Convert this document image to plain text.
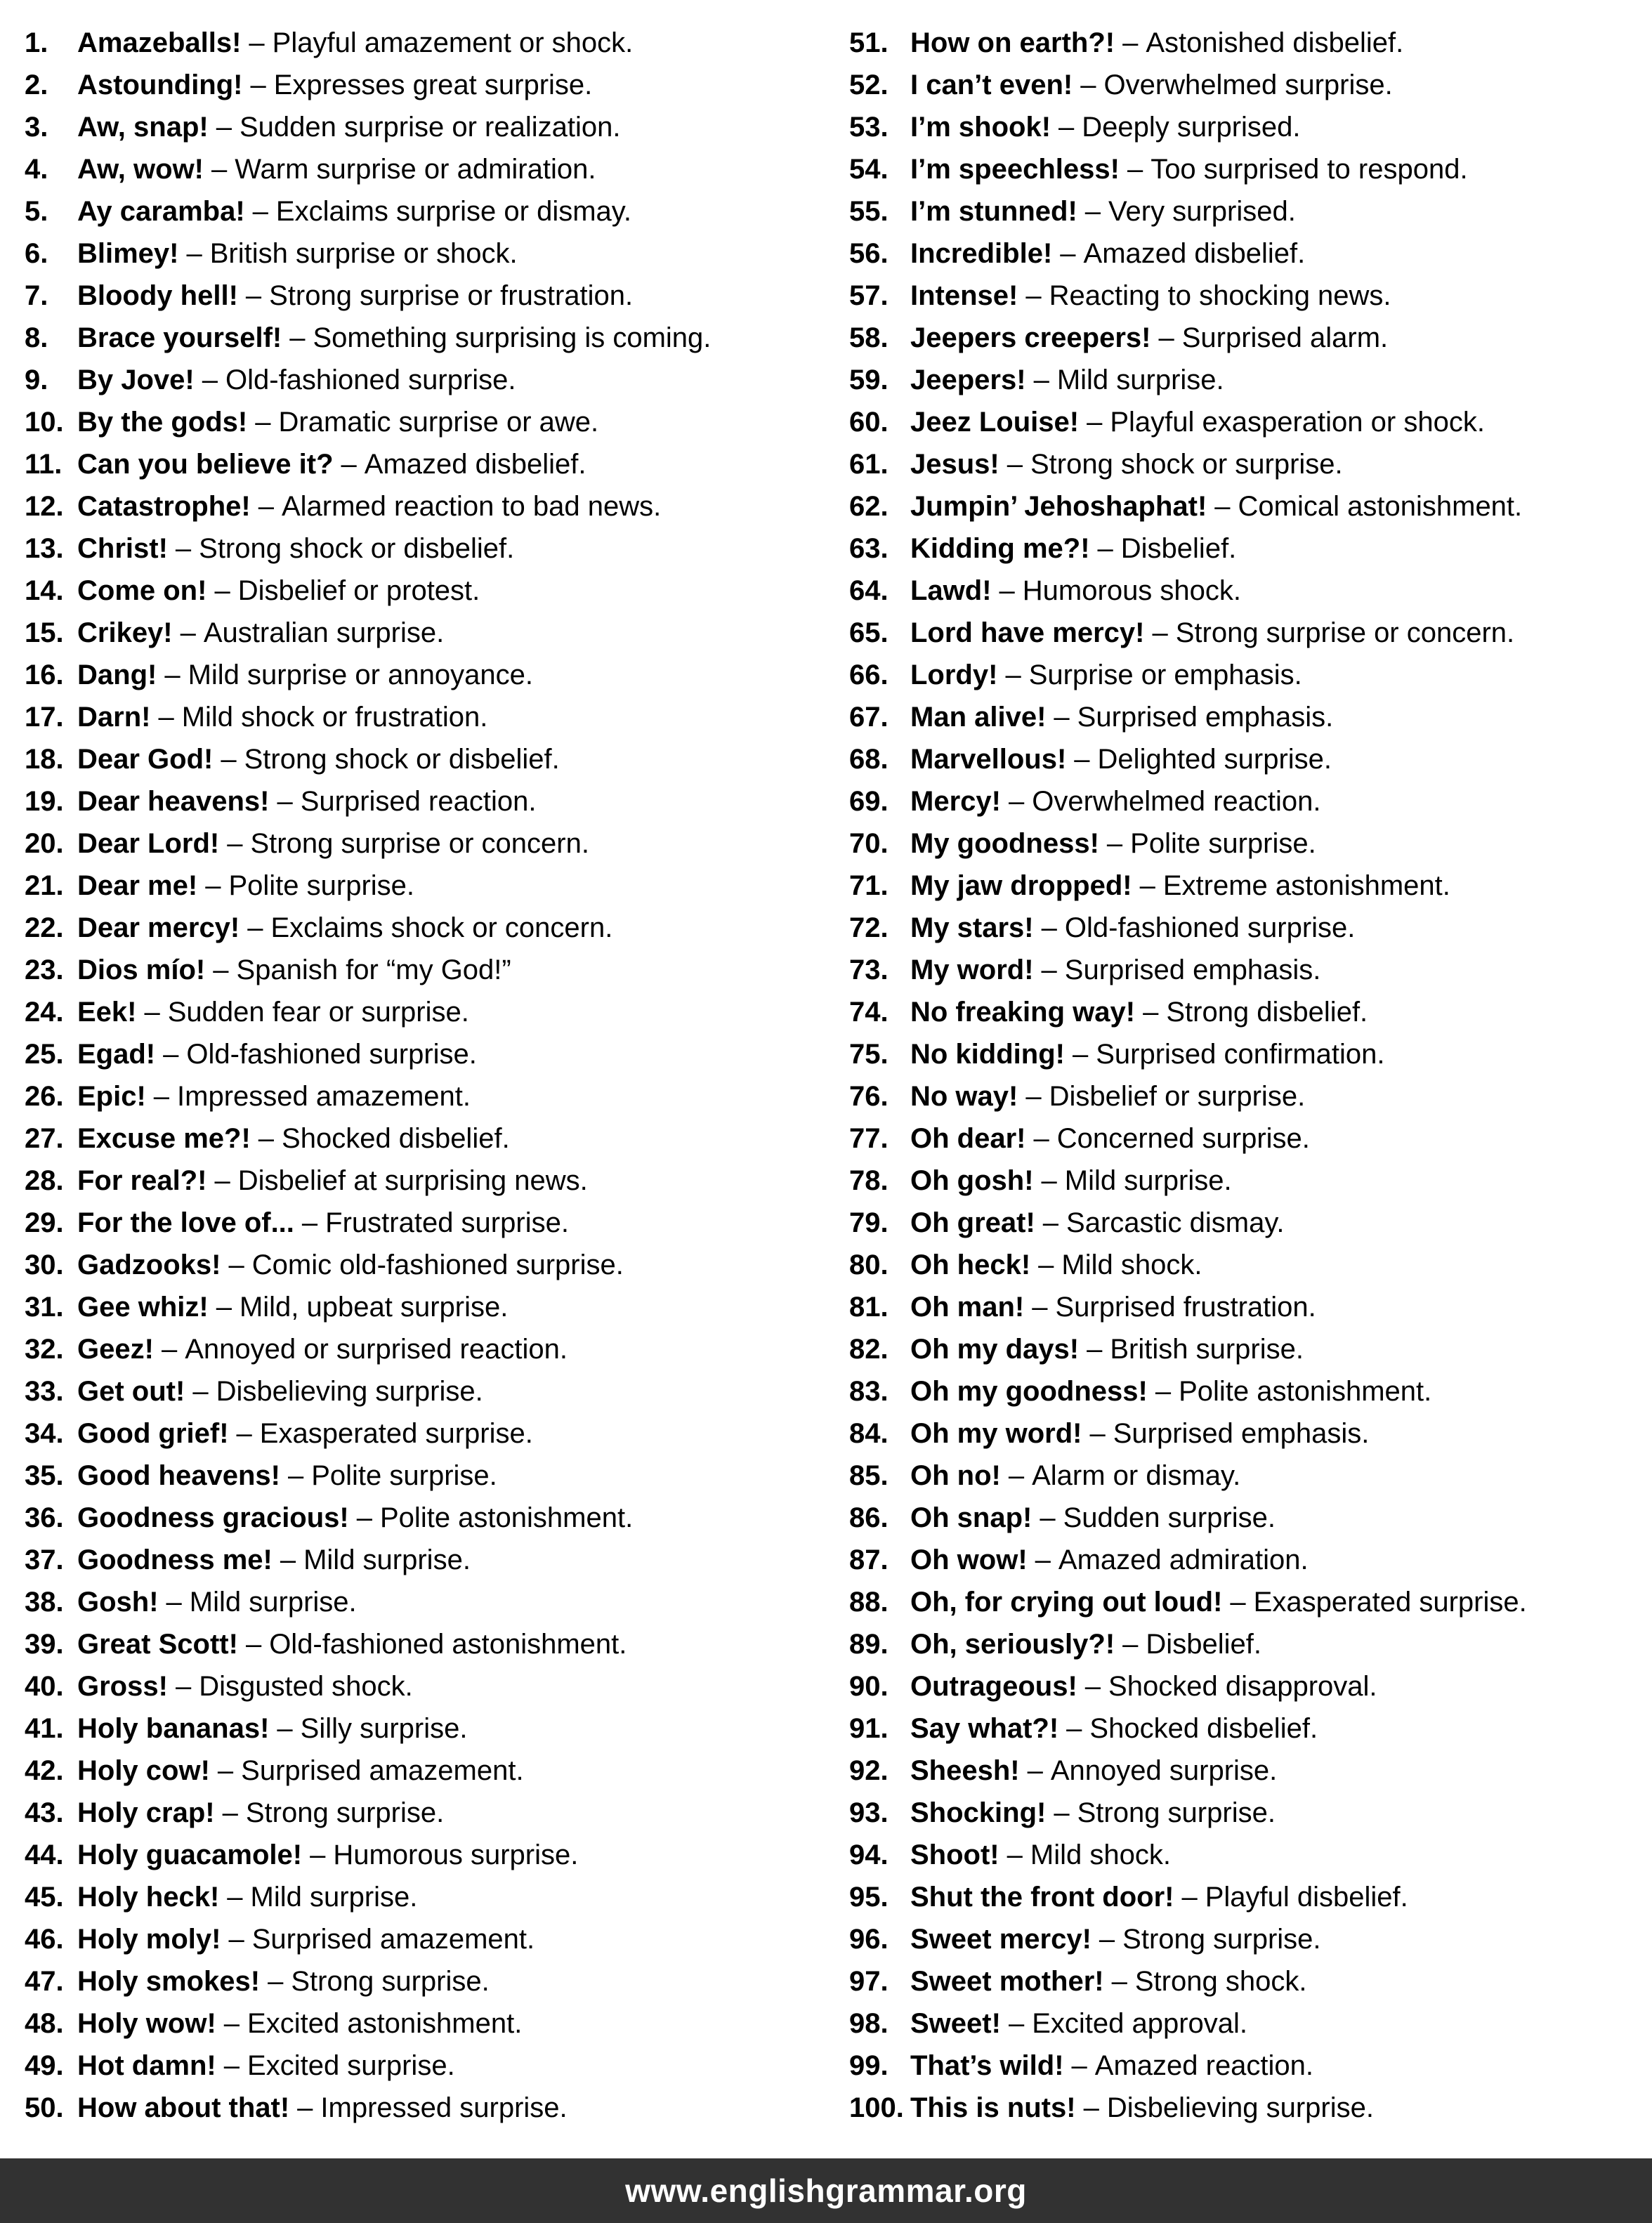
1.	Amazeballs! – Playful amazement or shock.
2.	Astounding! – Expresses great surprise.
3.	Aw, snap! – Sudden surprise or realization.
4.	Aw, wow! – Warm surprise or admiration.
5.	Ay caramba! – Exclaims surprise or dismay.
6.	Blimey! – British surprise or shock.
7.	Bloody hell! – Strong surprise or frustration.
8.	Brace yourself! – Something surprising is coming.
9.	By Jove! – Old-fashioned surprise.
10. By the gods! – Dramatic surprise or awe.
11. Can you believe it? – Amazed disbelief.
12. Catastrophe! – Alarmed reaction to bad news.
13. Christ! – Strong shock or disbelief.
14. Come on! – Disbelief or protest.
15. Crikey! – Australian surprise.
16. Dang! – Mild surprise or annoyance.
17. Darn! – Mild shock or frustration.
18. Dear God! – Strong shock or disbelief.
19. Dear heavens! – Surprised reaction.
20. Dear Lord! – Strong surprise or concern.
21. Dear me! – Polite surprise.
22. Dear mercy! – Exclaims shock or concern.
23. Dios mío! – Spanish for “my God!”
24. Eek! – Sudden fear or surprise.
25. Egad! – Old-fashioned surprise.
26. Epic! – Impressed amazement.
27. Excuse me?! – Shocked disbelief.
28. For real?! – Disbelief at surprising news.
29. For the love of... – Frustrated surprise.
30. Gadzooks! – Comic old-fashioned surprise.
31. Gee whiz! – Mild, upbeat surprise.
32. Geez! – Annoyed or surprised reaction.
33. Get out! – Disbelieving surprise.
34. Good grief! – Exasperated surprise.
35. Good heavens! – Polite surprise.
36. Goodness gracious! – Polite astonishment.
37. Goodness me! – Mild surprise.
38. Gosh! – Mild surprise.
39. Great Scott! – Old-fashioned astonishment.
40. Gross! – Disgusted shock.
41. Holy bananas! – Silly surprise.
42. Holy cow! – Surprised amazement.
43. Holy crap! – Strong surprise.
44. Holy guacamole! – Humorous surprise.
45. Holy heck! – Mild surprise.
46. Holy moly! – Surprised amazement.
47. Holy smokes! – Strong surprise.
48. Holy wow! – Excited astonishment.
49. Hot damn! – Excited surprise.
50. How about that! – Impressed surprise.
51. How on earth?! – Astonished disbelief.
52. I can’t even! – Overwhelmed surprise.
53. I’m shook! – Deeply surprised.
54. I’m speechless! – Too surprised to respond.
55. I’m stunned! – Very surprised.
56. Incredible! – Amazed disbelief.
57. Intense! – Reacting to shocking news.
58. Jeepers creepers! – Surprised alarm.
59. Jeepers! – Mild surprise.
60. Jeez Louise! – Playful exasperation or shock.
61. Jesus! – Strong shock or surprise.
62. Jumpin’ Jehoshaphat! – Comical astonishment.
63. Kidding me?! – Disbelief.
64. Lawd! – Humorous shock.
65. Lord have mercy! – Strong surprise or concern.
66. Lordy! – Surprise or emphasis.
67. Man alive! – Surprised emphasis.
68. Marvellous! – Delighted surprise.
69. Mercy! – Overwhelmed reaction.
70. My goodness! – Polite surprise.
71. My jaw dropped! – Extreme astonishment.
72. My stars! – Old-fashioned surprise.
73. My word! – Surprised emphasis.
74. No freaking way! – Strong disbelief.
75. No kidding! – Surprised confirmation.
76. No way! – Disbelief or surprise.
77. Oh dear! – Concerned surprise.
78. Oh gosh! – Mild surprise.
79. Oh great! – Sarcastic dismay.
80. Oh heck! – Mild shock.
81. Oh man! – Surprised frustration.
82. Oh my days! – British surprise.
83. Oh my goodness! – Polite astonishment.
84. Oh my word! – Surprised emphasis.
85. Oh no! – Alarm or dismay.
86. Oh snap! – Sudden surprise.
87. Oh wow! – Amazed admiration.
88. Oh, for crying out loud! – Exasperated surprise.
89. Oh, seriously?! – Disbelief.
90. Outrageous! – Shocked disapproval.
91. Say what?! – Shocked disbelief.
92. Sheesh! – Annoyed surprise.
93. Shocking! – Strong surprise.
94. Shoot! – Mild shock.
95. Shut the front door! – Playful disbelief.
96. Sweet mercy! – Strong surprise.
97. Sweet mother! – Strong shock.
98. Sweet! – Excited approval.
99. That’s wild! – Amazed reaction.
100. This is nuts! – Disbelieving surprise.
www.englishgrammar.org
